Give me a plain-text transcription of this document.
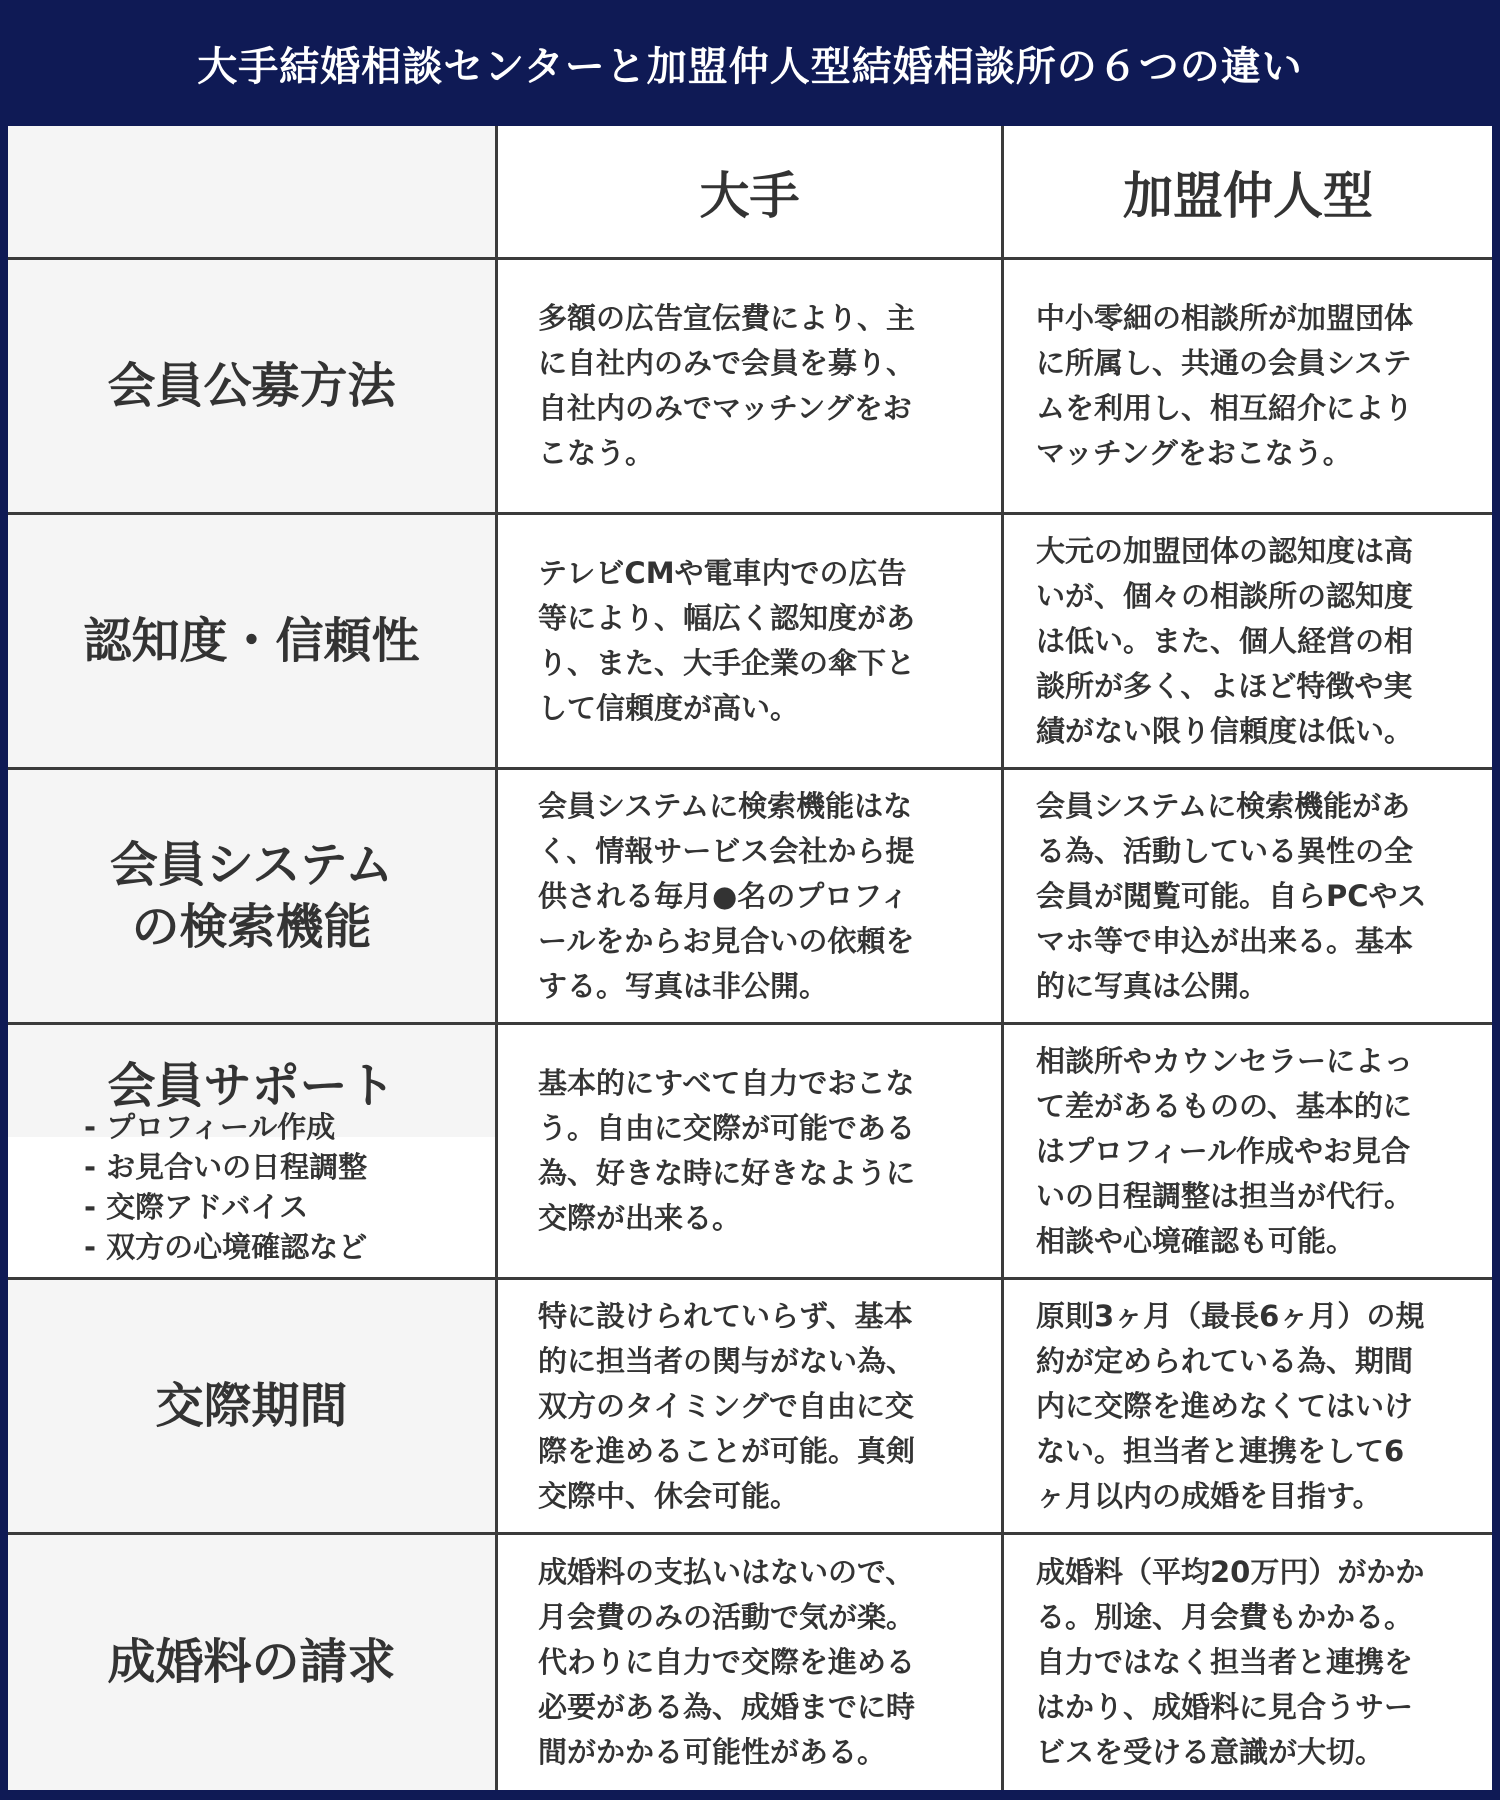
大手結婚相談センターと加盟仲人型結婚相談所の６つの違い
大手	加盟仲人型
会員公募方法
多額の広告宣伝費により、主
に自社内のみで会員を募り、
自社内のみでマッチングをお
こなう。
中小零細の相談所が加盟団体
に所属し、共通の会員システ
ムを利用し、相互紹介により
マッチングをおこなう。
認知度・信頼性
テレビCMや電車内での広告
等により、幅広く認知度があ
り、また、大手企業の傘下と
して信頼度が高い。
大元の加盟団体の認知度は高
いが、個々の相談所の認知度
は低い。また、個人経営の相
談所が多く、よほど特徴や実
績がない限り信頼度は低い。
会員システム
の検索機能
会員システムに検索機能はな
く、情報サービス会社から提
供される毎月●名のプロフィ
ールをからお見合いの依頼を
する。写真は非公開。
会員システムに検索機能があ
る為、活動している異性の全
会員が閲覧可能。自らPCやス
マホ等で申込が出来る。基本
的に写真は公開。
会員サポート
- プロフィール作成
- お見合いの日程調整
- 交際アドバイス
- 双方の心境確認など
基本的にすべて自力でおこな
う。自由に交際が可能である
為、好きな時に好きなように
交際が出来る。
相談所やカウンセラーによっ
て差があるものの、基本的に
はプロフィール作成やお見合
いの日程調整は担当が代行。
相談や心境確認も可能。
交際期間
特に設けられていらず、基本
的に担当者の関与がない為、
双方のタイミングで自由に交
際を進めることが可能。真剣
交際中、休会可能。
原則3ヶ月（最長6ヶ月）の規
約が定められている為、期間
内に交際を進めなくてはいけ
ない。担当者と連携をして6
ヶ月以内の成婚を目指す。
成婚料の請求
成婚料の支払いはないので、
月会費のみの活動で気が楽。
代わりに自力で交際を進める
必要がある為、成婚までに時
間がかかる可能性がある。
成婚料（平均20万円）がかか
る。別途、月会費もかかる。
自力ではなく担当者と連携を
はかり、成婚料に見合うサー
ビスを受ける意識が大切。
